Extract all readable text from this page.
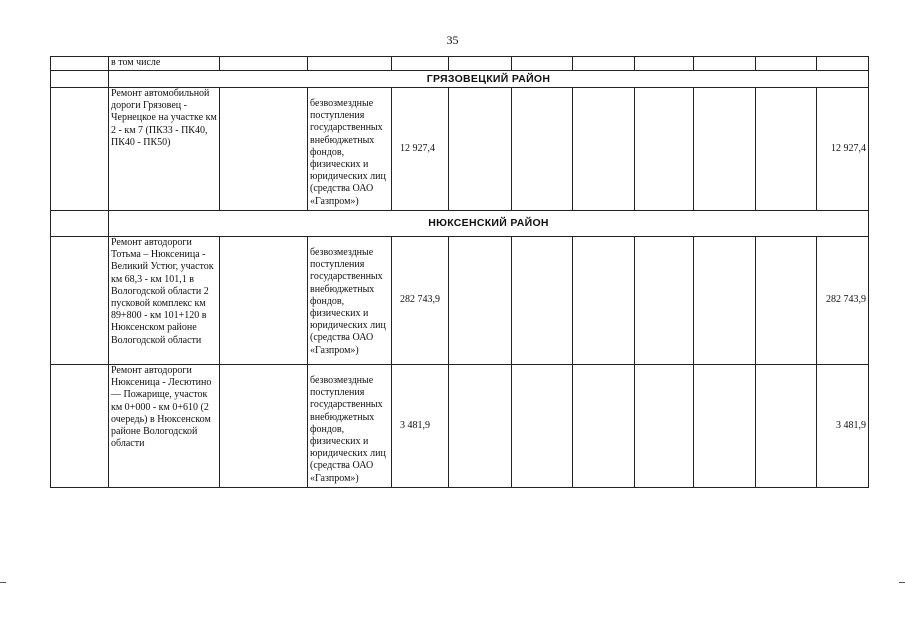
35
	в том числе										
	ГРЯЗОВЕЦКИЙ РАЙОН										
	Ремонт автомобильной дороги Грязовец - Чернецкое на участке км 2 - км 7 (ПК33 - ПК40, ПК40 - ПК50)		безвозмездные поступления государственных внебюджетных фондов, физических и юридических лиц (средства ОАО «Газпром»)	12 927,4							12 927,4
	НЮКСЕНСКИЙ РАЙОН										
	Ремонт автодороги Тотьма – Нюксеница - Великий Устюг, участок км 68,3 - км 101,1 в Вологодской области 2 пусковой комплекс км 89+800 - км 101+120 в Нюксенском районе Вологодской области		безвозмездные поступления государственных внебюджетных фондов, физических и юридических лиц (средства ОАО «Газпром»)	282 743,9							282 743,9
	Ремонт автодороги Нюксеница - Лесютино — Пожарище, участок км 0+000 - км 0+610 (2 очередь) в Нюксенском районе Вологодской области		безвозмездные поступления государственных внебюджетных фондов, физических и юридических лиц (средства ОАО «Газпром»)	3 481,9							3 481,9
